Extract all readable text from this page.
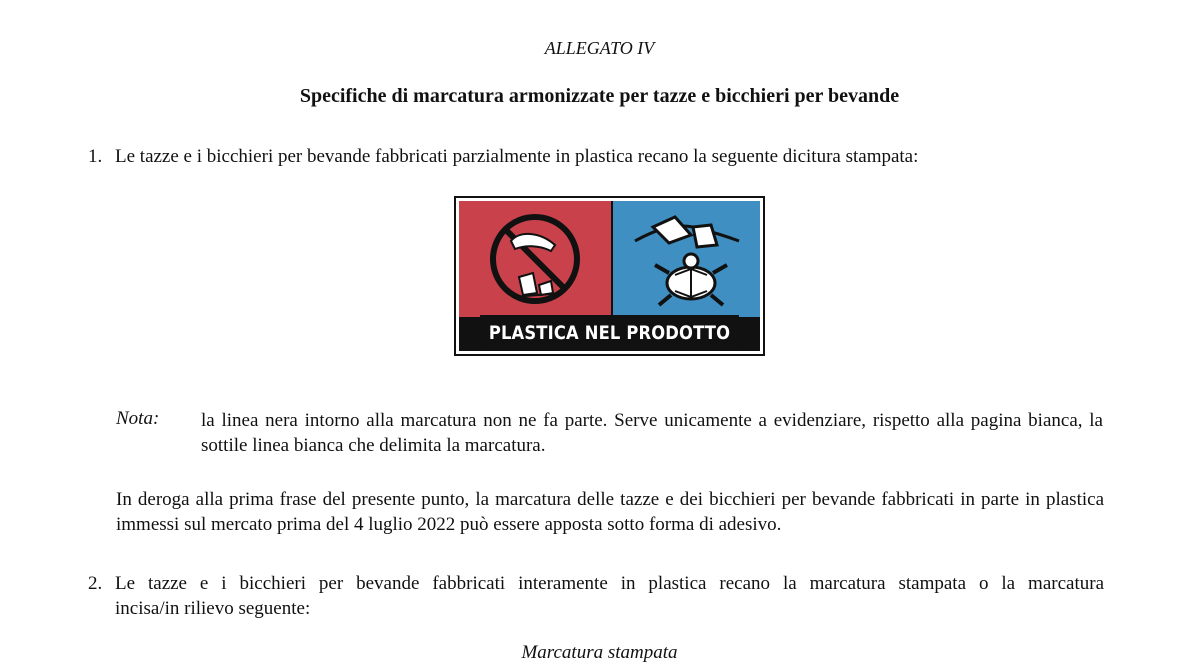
ALLEGATO IV
Specifiche di marcatura armonizzate per tazze e bicchieri per bevande
1. Le tazze e i bicchieri per bevande fabbricati parzialmente in plastica recano la seguente dicitura stampata:
PLASTICA NEL PRODOTTO
Nota: la linea nera intorno alla marcatura non ne fa parte. Serve unicamente a evidenziare, rispetto alla pagina bianca, la sottile linea bianca che delimita la marcatura.
In deroga alla prima frase del presente punto, la marcatura delle tazze e dei bicchieri per bevande fabbricati in parte in plastica immessi sul mercato prima del 4 luglio 2022 può essere apposta sotto forma di adesivo.
2. Le tazze e i bicchieri per bevande fabbricati interamente in plastica recano la marcatura stampata o la marcatura
incisa/in rilievo seguente:
Marcatura stampata
